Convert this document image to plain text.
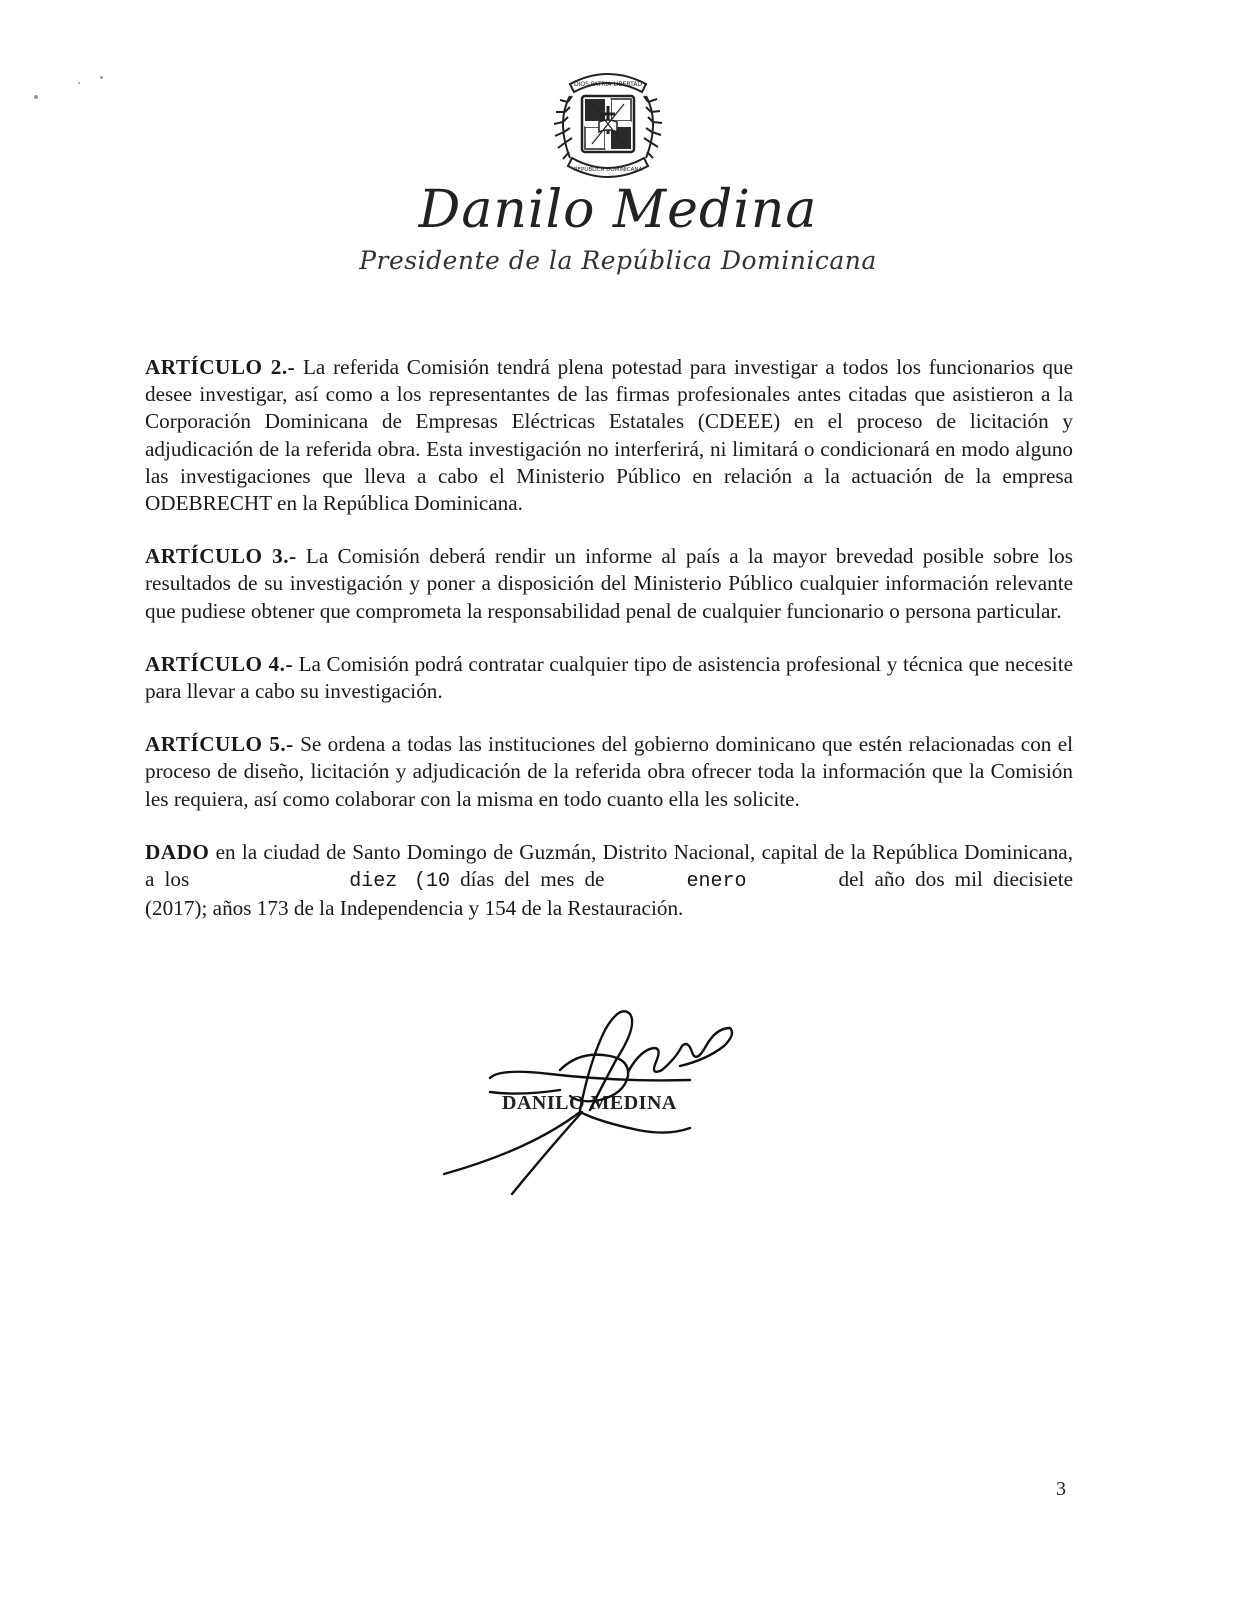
DIOS PATRIA LIBERTAD
REPÚBLICA DOMINICANA
Danilo Medina
Presidente de la República Dominicana

ARTÍCULO 2.- La referida Comisión tendrá plena potestad para investigar a todos los funcionarios que desee investigar, así como a los representantes de las firmas profesionales antes citadas que asistieron a la Corporación Dominicana de Empresas Eléctricas Estatales (CDEEE) en el proceso de licitación y adjudicación de la referida obra. Esta investigación no interferirá, ni limitará o condicionará en modo alguno las investigaciones que lleva a cabo el Ministerio Público en relación a la actuación de la empresa ODEBRECHT en la República Dominicana.

ARTÍCULO 3.- La Comisión deberá rendir un informe al país a la mayor brevedad posible sobre los resultados de su investigación y poner a disposición del Ministerio Público cualquier información relevante que pudiese obtener que comprometa la responsabilidad penal de cualquier funcionario o persona particular.

ARTÍCULO 4.- La Comisión podrá contratar cualquier tipo de asistencia profesional y técnica que necesite para llevar a cabo su investigación.

ARTÍCULO 5.- Se ordena a todas las instituciones del gobierno dominicano que estén relacionadas con el proceso de diseño, licitación y adjudicación de la referida obra ofrecer toda la información que la Comisión les requiera, así como colaborar con la misma en todo cuanto ella les solicite.

DADO en la ciudad de Santo Domingo de Guzmán, Distrito Nacional, capital de la República Dominicana, a los	diez (10 días del mes de	enero	del año dos mil diecisiete (2017); años 173 de la Independencia y 154 de la Restauración.

DANILO MEDINA
3
